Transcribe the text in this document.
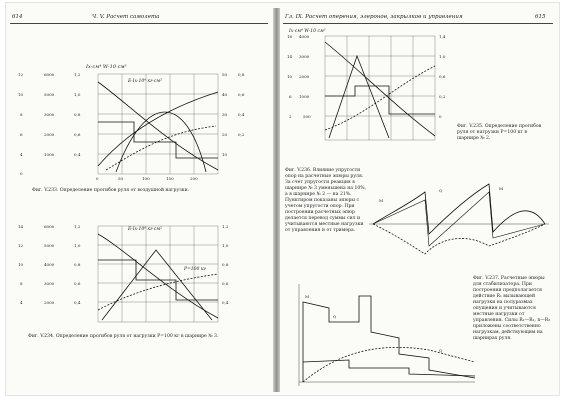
614	Ч. V. Расчет самолета
Iх·см⁴ W·10 см³
E·Iх·10⁶ кг·см²
12
10
8
6
4
0
6000
5000
3000
2000
1000
1,2
1,0
0,8
0,6
0,4
50
40
30
20
10
0,8
0,6
0,4
0,2
0	50	100	150	200
Фиг. V.233. Определение прогибов руля от воздушной нагрузки.
E·Iх·10⁶ кг·см²
P=100 кг
14
12
10
8
4
6000
5000
4000
3000
2000
1,2
1,0
0,8
0,6
0,4
1,2
1,0
0,8
0,6
0,4
Фиг. V.234. Определение прогибов руля от нагрузки P=100 кг в шарнире № 3.
Гл. IX. Расчет оперения, элеронов, закрылков и управления	615
Iх·см⁴ W·10 см³
18
14
10
6
2
4000
3000
2000
1000
500
1,4
1,0
0,6
0,2
0
Фиг. V.235. Определение прогибов руля от нагрузки P=100 кг в шарнире № 2.
Фиг. V.236. Влияние упругости опор на расчетные эпюры руля. За счет упругости реакция в шарнире № 3 уменьшена на 10%, а в шарнире № 2 — на 21%. Пунктиром показаны эпюры с учетом упругости опор. При построении расчетных эпюр делается перевод суммы сил и учитываются местные нагрузки от управления и от тримера.
M
Q	M
M
Q
Q
Фиг. V.237. Расчетные эпюры для стабилизатора. При построении предполагается действие R₁ вызывающей нагрузки на полуразмах опущения и учитываются местные нагрузки от управления. Силы R₁—R₂, n—R₃ приложены соответственно нагрузкам, действующим на шарнирах руля.
